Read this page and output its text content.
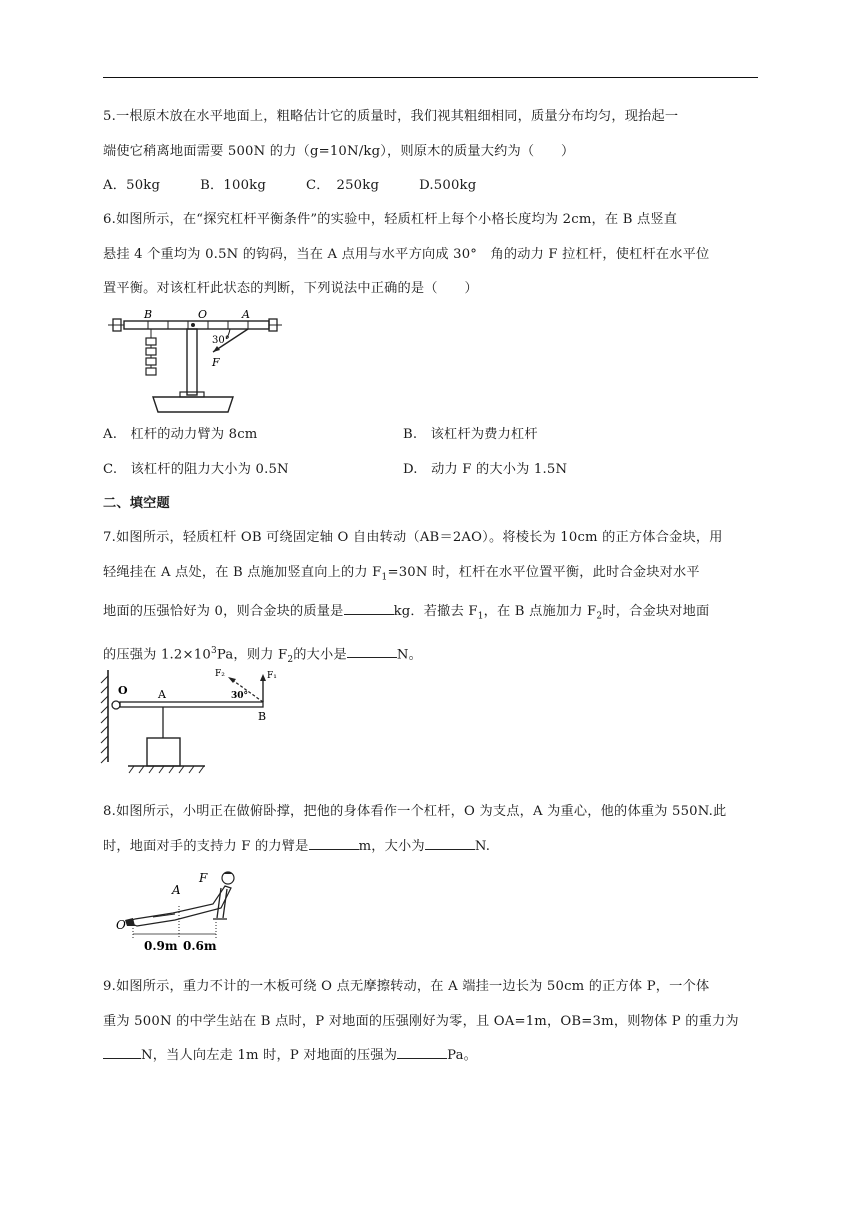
5.一根原木放在水平地面上，粗略估计它的质量时，我们视其粗细相同，质量分布均匀，现抬起一
端使它稍离地面需要 500N 的力（g=10N/kg），则原木的质量大约为（　　）
A．50kg	B．100kg	C．　250kg	D.500kg
6.如图所示，在“探究杠杆平衡条件”的实验中，轻质杠杆上每个小格长度均为 2cm，在 B 点竖直
悬挂 4 个重均为 0.5N 的钩码，当在 A 点用与水平方向成 30°　角的动力 F 拉杠杆，使杠杆在水平位
置平衡。对该杠杆此状态的判断，下列说法中正确的是（　　）
B	O	A
30°
F
A.　杠杆的动力臂为 8cm	B.　该杠杆为费力杠杆
C.　该杠杆的阻力大小为 0.5N	D.　动力 F 的大小为 1.5N
二、填空题
7.如图所示，轻质杠杆 OB 可绕固定轴 O 自由转动（AB＝2AO）。将棱长为 10cm 的正方体合金块，用
轻绳挂在 A 点处，在 B 点施加竖直向上的力 $F_1=30N$ 时，杠杆在水平位置平衡，此时合金块对水平
地面的压强恰好为 0，则合金块的质量是	kg．若撤去 $F_1$，在 B 点施加力 $F_2$时，合金块对地面
的压强为 $1.2\times 10^3Pa$，则力 $F_2$的大小是	N。
O	A
B
F₁
F₂
30°
8.如图所示，小明正在做俯卧撑，把他的身体看作一个杠杆，O 为支点，A 为重心，他的体重为 550N.此
时，地面对手的支持力 F 的力臂是	m，大小为	N.
F
A
O
0.9m 0.6m
9.如图所示，重力不计的一木板可绕 O 点无摩擦转动，在 A 端挂一边长为 50cm 的正方体 P，一个体
重为 500N 的中学生站在 B 点时，P 对地面的压强刚好为零，且 OA=1m，OB=3m，则物体 P 的重力为
N，当人向左走 1m 时，P 对地面的压强为	Pa。
